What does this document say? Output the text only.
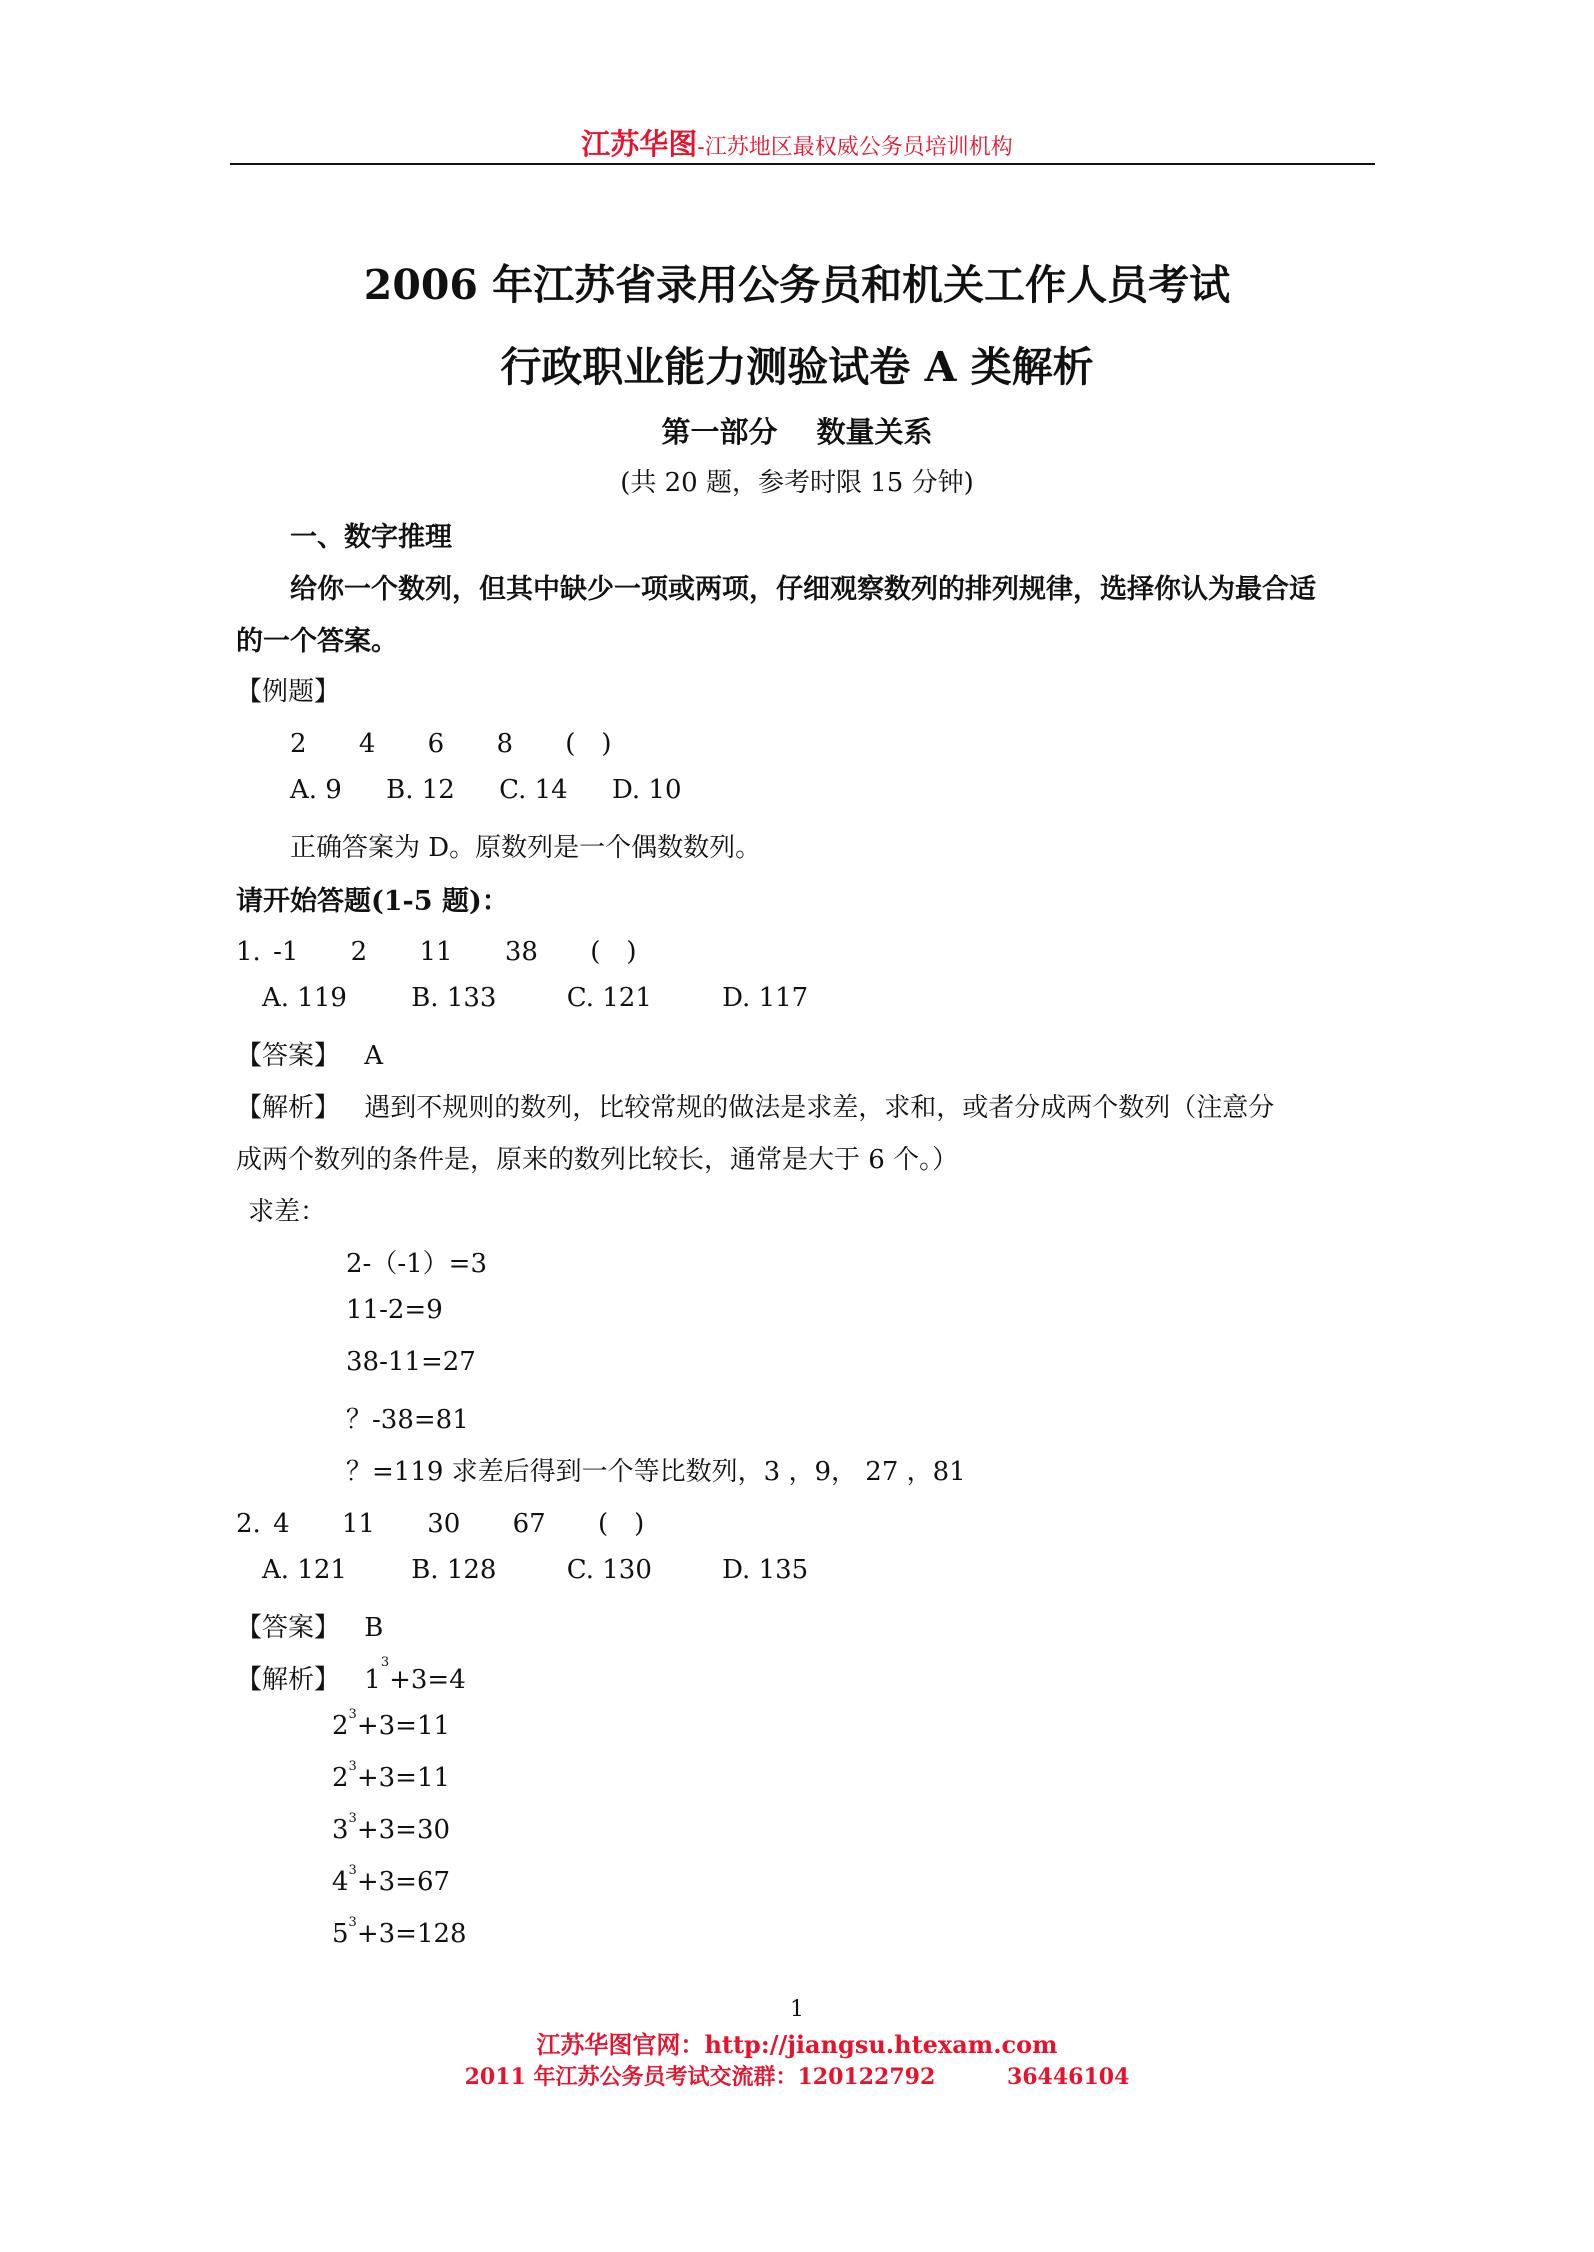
江苏华图-江苏地区最权威公务员培训机构
2006 年江苏省录用公务员和机关工作人员考试
行政职业能力测验试卷 A 类解析
第一部分　 数量关系
(共 20 题，参考时限 15 分钟)
一、数字推理
给你一个数列，但其中缺少一项或两项，仔细观察数列的排列规律，选择你认为最合适
的一个答案。
【例题】
2 4 6 8 (　)
A. 9 B. 12 C. 14 D. 10
正确答案为 D。原数列是一个偶数数列。
请开始答题(1-5 题)：
1. -1 2 11 38 (　)
A. 119 B. 133	C. 121	D. 117
【答案】 A
【解析】 遇到不规则的数列，比较常规的做法是求差，求和，或者分成两个数列（注意分
成两个数列的条件是，原来的数列比较长，通常是大于 6 个。）
求差：
2-（-1）=3
11-2=9
38-11=27
？-38=81
？=119 求差后得到一个等比数列，3 ，9， 27 ，81
2. 4 11 30 67 (　)
A. 121 B. 128	C. 130	D. 135
【答案】 B
【解析】 $1^3+3=4$
$2^3+3=11$
$2^3+3=11$
$3^3+3=30$
$4^3+3=67$
$5^3+3=128$
1
江苏华图官网：http://jiangsu.htexam.com
2011 年江苏公务员考试交流群：120122792	36446104
